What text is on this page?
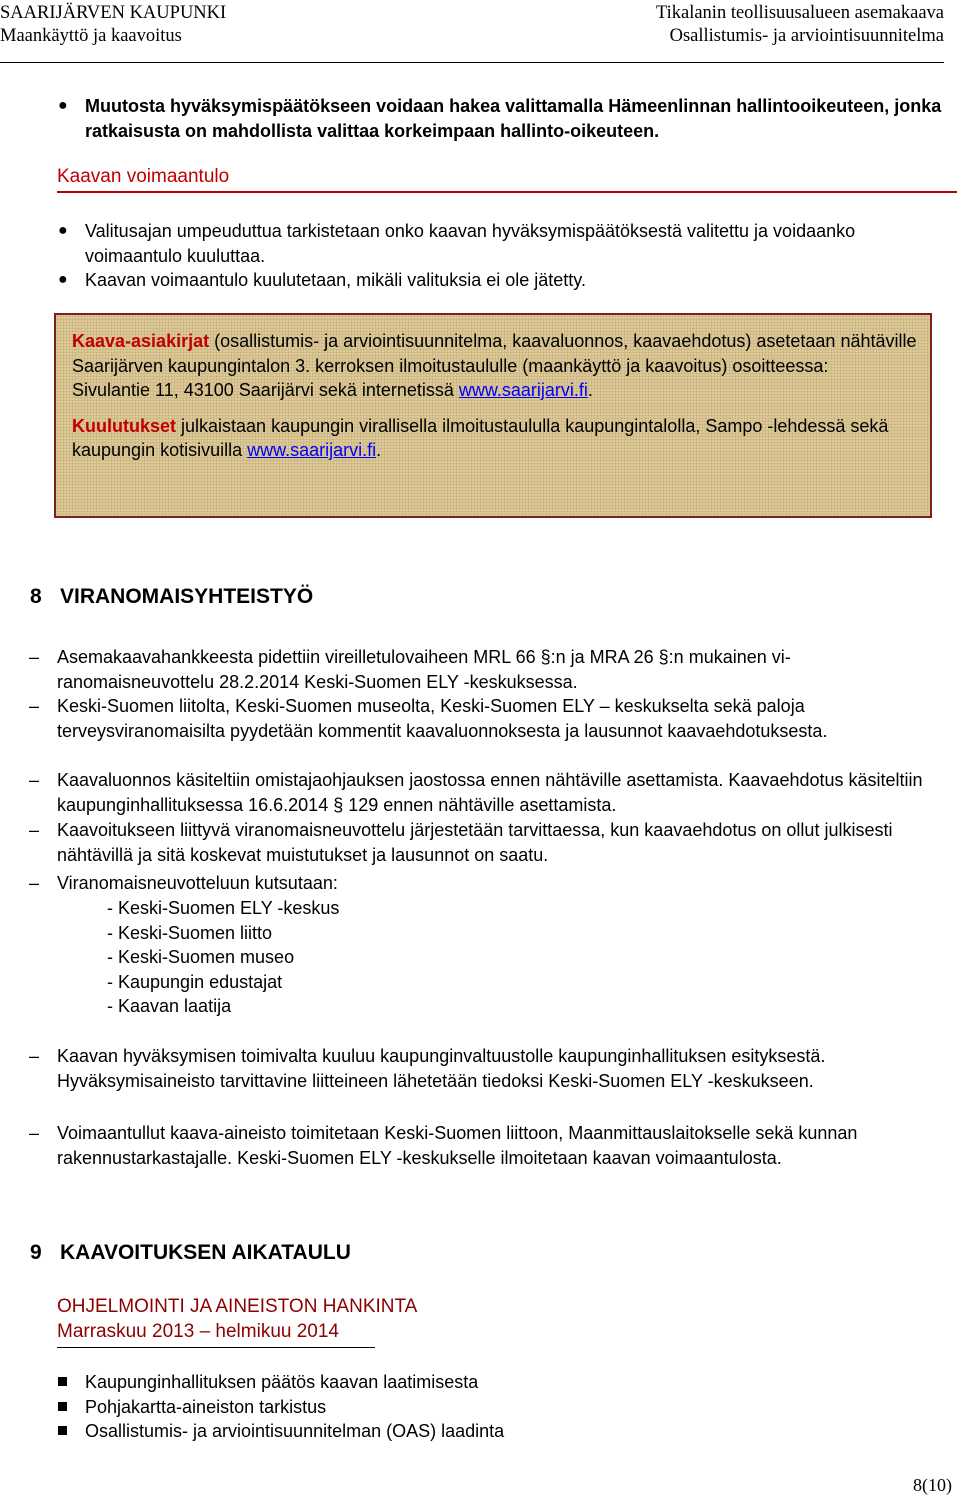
SAARIJÄRVEN KAUPUNKI
Maankäyttö ja kaavoitus
Tikalanin teollisuusalueen asemakaava
Osallistumis- ja arviointisuunnitelma
● Muutosta hyväksymispäätökseen voidaan hakea valittamalla Hämeenlinnan hallintooikeuteen, jonka ratkaisusta on mahdollista valittaa korkeimpaan hallinto-oikeuteen.
Kaavan voimaantulo
● Valitusajan umpeuduttua tarkistetaan onko kaavan hyväksymispäätöksestä valitettu ja voidaanko voimaantulo kuuluttaa.
● Kaavan voimaantulo kuulutetaan, mikäli valituksia ei ole jätetty.

Kaava-asiakirjat (osallistumis- ja arviointisuunnitelma, kaavaluonnos, kaavaehdotus) asetetaan nähtäville Saarijärven kaupungintalon 3. kerroksen ilmoitustaululle (maankäyttö ja kaavoitus) osoitteessa:
Sivulantie 11, 43100 Saarijärvi sekä internetissä www.saarijarvi.fi.

Kuulutukset julkaistaan kaupungin virallisella ilmoitustaululla kaupungintalolla, Sampo -lehdessä sekä kaupungin kotisivuilla www.saarijarvi.fi.

8 VIRANOMAISYHTEISTYÖ
– Asemakaavahankkeesta pidettiin vireilletulovaiheen MRL 66 §:n ja MRA 26 §:n mukainen viranomaisneuvottelu 28.2.2014 Keski-Suomen ELY -keskuksessa.
– Keski-Suomen liitolta, Keski-Suomen museolta, Keski-Suomen ELY – keskukselta sekä paloja terveysviranomaisilta pyydetään kommentit kaavaluonnoksesta ja lausunnot kaavaehdotuksesta.
– Kaavaluonnos käsiteltiin omistajaohjauksen jaostossa ennen nähtäville asettamista. Kaavaehdotus käsiteltiin kaupunginhallituksessa 16.6.2014 § 129 ennen nähtäville asettamista.
– Kaavoitukseen liittyvä viranomaisneuvottelu järjestetään tarvittaessa, kun kaavaehdotus on ollut julkisesti nähtävillä ja sitä koskevat muistutukset ja lausunnot on saatu.
– Viranomaisneuvotteluun kutsutaan:
- Keski-Suomen ELY -keskus
- Keski-Suomen liitto
- Keski-Suomen museo
- Kaupungin edustajat
- Kaavan laatija
– Kaavan hyväksymisen toimivalta kuuluu kaupunginvaltuustolle kaupunginhallituksen esityksestä. Hyväksymisaineisto tarvittavine liitteineen lähetetään tiedoksi Keski-Suomen ELY -keskukseen.
– Voimaantullut kaava-aineisto toimitetaan Keski-Suomen liittoon, Maanmittauslaitokselle sekä kunnan rakennustarkastajalle. Keski-Suomen ELY -keskukselle ilmoitetaan kaavan voimaantulosta.
9 KAAVOITUKSEN AIKATAULU
OHJELMOINTI JA AINEISTON HANKINTA
Marraskuu 2013 – helmikuu 2014
Kaupunginhallituksen päätös kaavan laatimisesta
Pohjakartta-aineiston tarkistus
Osallistumis- ja arviointisuunnitelman (OAS) laadinta
8(10)
